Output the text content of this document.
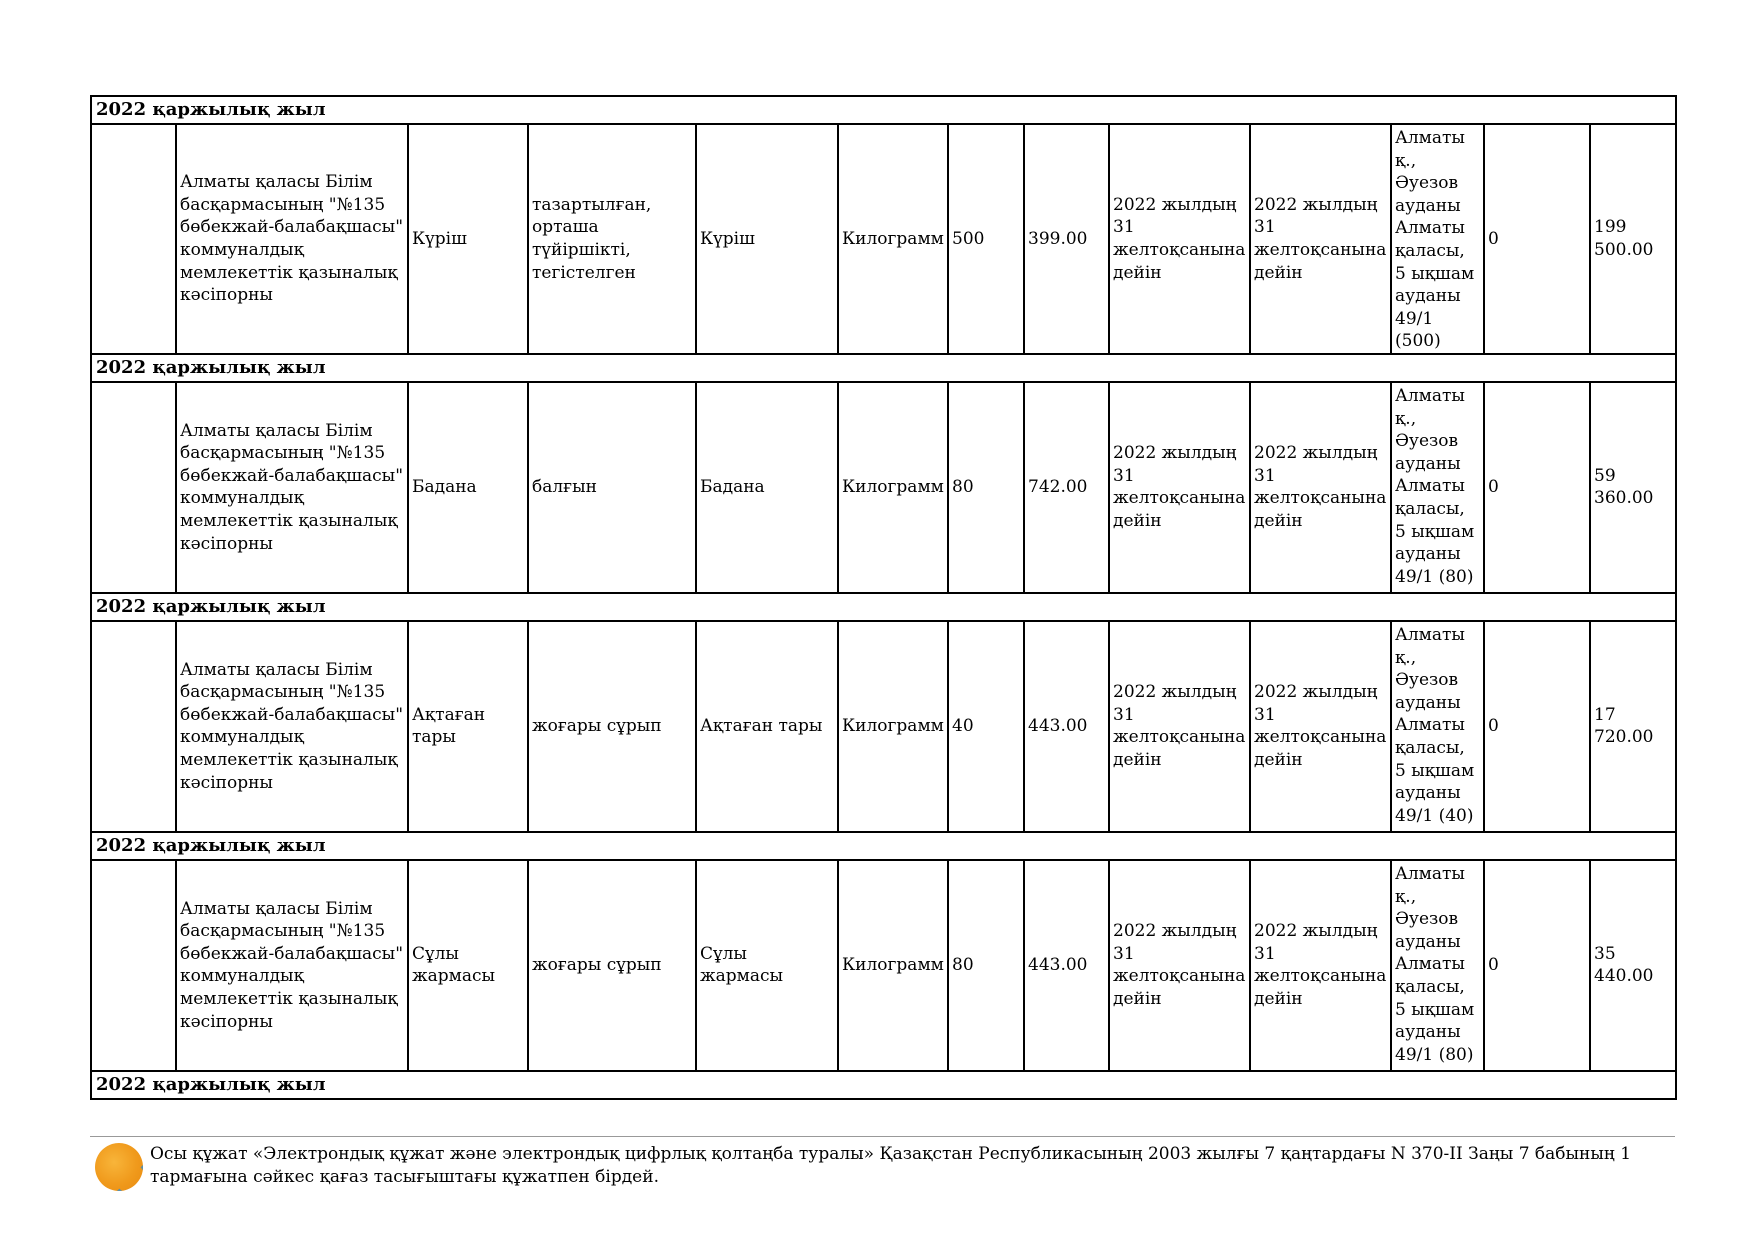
2022 қаржылық жыл												
	Алматы қаласы Білім басқармасының "№135 бөбекжай-балабақшасы" коммуналдық мемлекеттік қазыналық кәсіпорны	Күріш	тазартылған, орташа түйіршікті, тегістелген	Күріш	Килограмм	500	399.00	2022 жылдың 31 желтоқсанына дейін	2022 жылдың 31 желтоқсанына дейін	Алматы қ., Әуезов ауданы Алматы қаласы, 5 ықшам ауданы 49/1 (500)	0	199 500.00
2022 қаржылық жыл												
	Алматы қаласы Білім басқармасының "№135 бөбекжай-балабақшасы" коммуналдық мемлекеттік қазыналық кәсіпорны	Бадана	балғын	Бадана	Килограмм	80	742.00	2022 жылдың 31 желтоқсанына дейін	2022 жылдың 31 желтоқсанына дейін	Алматы қ., Әуезов ауданы Алматы қаласы, 5 ықшам ауданы 49/1 (80)	0	59 360.00
2022 қаржылық жыл												
	Алматы қаласы Білім басқармасының "№135 бөбекжай-балабақшасы" коммуналдық мемлекеттік қазыналық кәсіпорны	Ақтаған тары	жоғары сұрып	Ақтаған тары	Килограмм	40	443.00	2022 жылдың 31 желтоқсанына дейін	2022 жылдың 31 желтоқсанына дейін	Алматы қ., Әуезов ауданы Алматы қаласы, 5 ықшам ауданы 49/1 (40)	0	17 720.00
2022 қаржылық жыл												
	Алматы қаласы Білім басқармасының "№135 бөбекжай-балабақшасы" коммуналдық мемлекеттік қазыналық кәсіпорны	Сұлы жармасы	жоғары сұрып	Сұлы жармасы	Килограмм	80	443.00	2022 жылдың 31 желтоқсанына дейін	2022 жылдың 31 желтоқсанына дейін	Алматы қ., Әуезов ауданы Алматы қаласы, 5 ықшам ауданы 49/1 (80)	0	35 440.00
2022 қаржылық жыл												
Осы құжат «Электрондық құжат және электрондық цифрлық қолтаңба туралы» Қазақстан Республикасының 2003 жылғы 7 қаңтардағы N 370-II Заңы 7 бабының 1 тармағына сәйкес қағаз тасығыштағы құжатпен бірдей.
